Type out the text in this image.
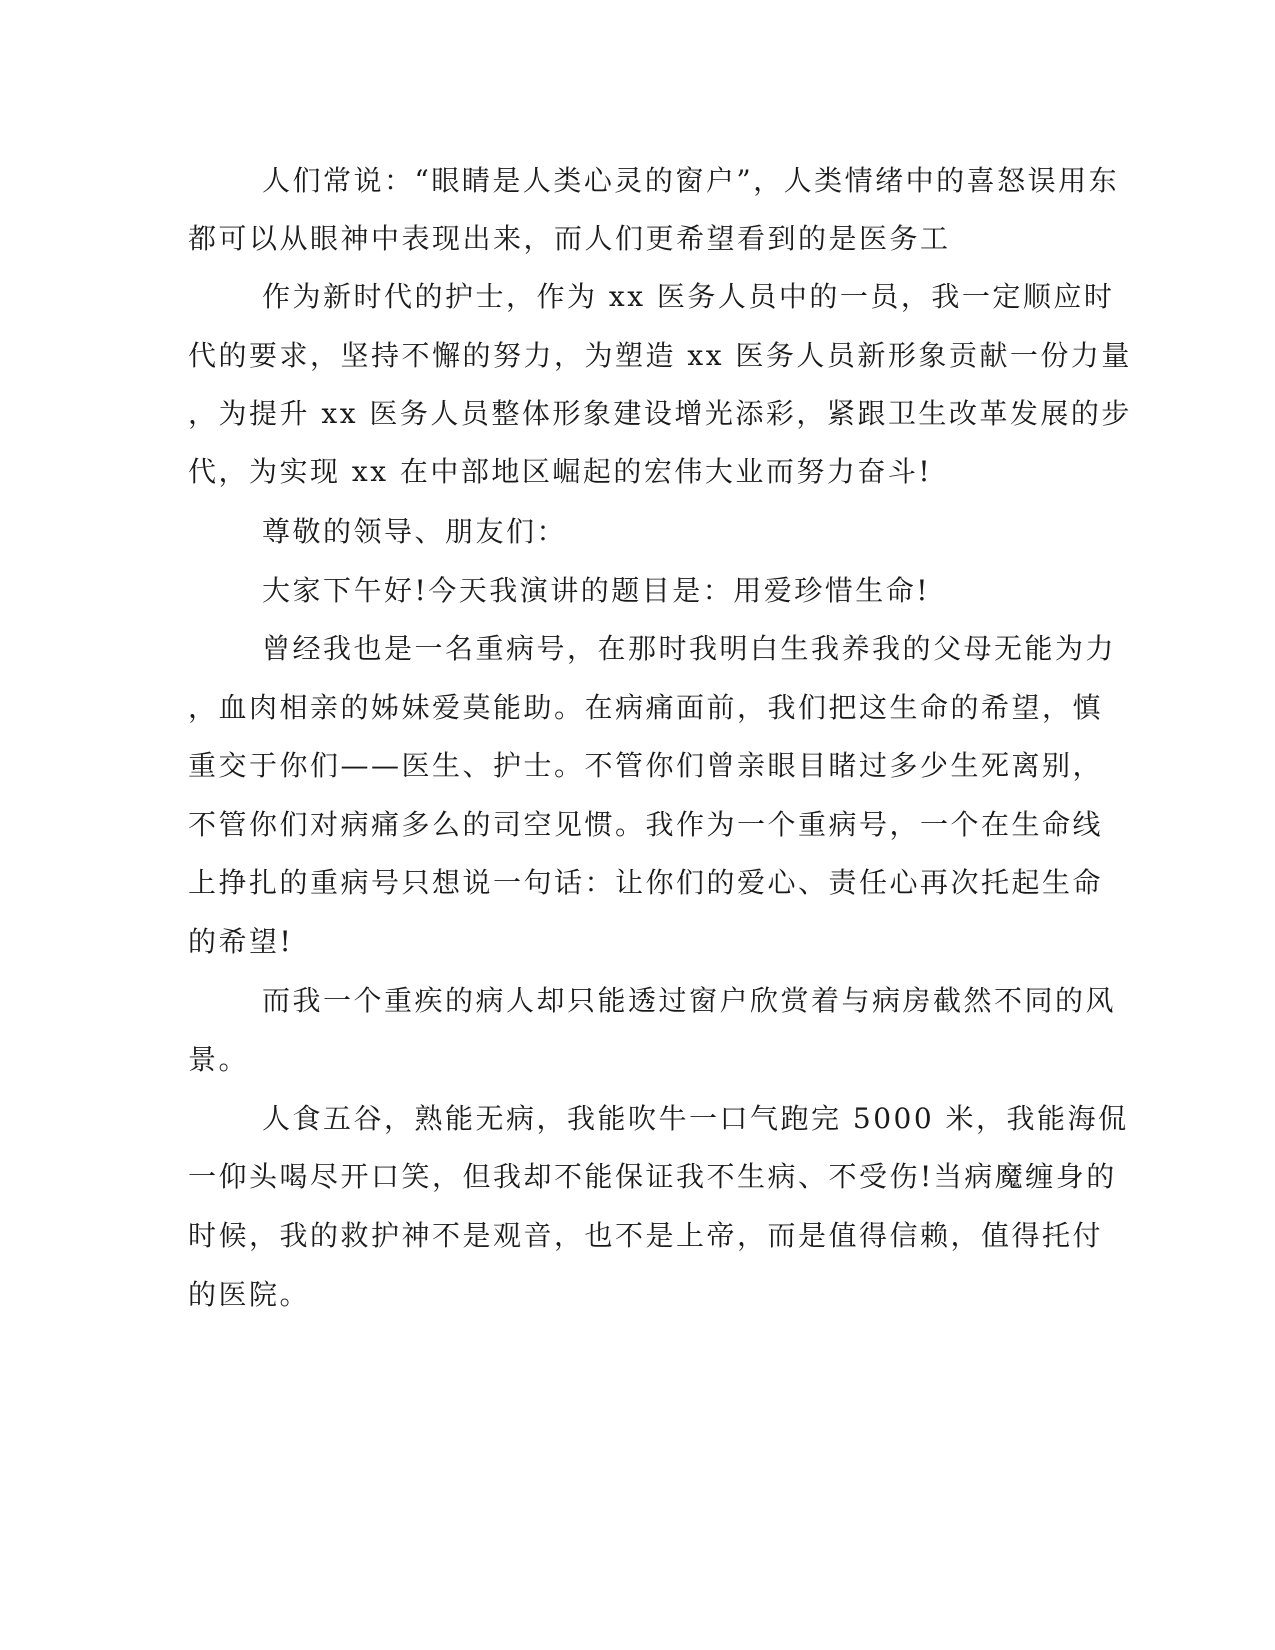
人们常说：“眼睛是人类心灵的窗户”，人类情绪中的喜怒误用东
都可以从眼神中表现出来，而人们更希望看到的是医务工
作为新时代的护士，作为 xx 医务人员中的一员，我一定顺应时
代的要求，坚持不懈的努力，为塑造 xx 医务人员新形象贡献一份力量
，为提升 xx 医务人员整体形象建设增光添彩，紧跟卫生改革发展的步
代，为实现 xx 在中部地区崛起的宏伟大业而努力奋斗!
尊敬的领导、朋友们：
大家下午好!今天我演讲的题目是：用爱珍惜生命!
曾经我也是一名重病号，在那时我明白生我养我的父母无能为力
，血肉相亲的姊妹爱莫能助。在病痛面前，我们把这生命的希望，慎
重交于你们——医生、护士。不管你们曾亲眼目睹过多少生死离别，
不管你们对病痛多么的司空见惯。我作为一个重病号，一个在生命线
上挣扎的重病号只想说一句话：让你们的爱心、责任心再次托起生命
的希望!
而我一个重疾的病人却只能透过窗户欣赏着与病房截然不同的风
景。
人食五谷，熟能无病，我能吹牛一口气跑完 5000 米，我能海侃
一仰头喝尽开口笑，但我却不能保证我不生病、不受伤!当病魔缠身的
时候，我的救护神不是观音，也不是上帝，而是值得信赖，值得托付
的医院。
